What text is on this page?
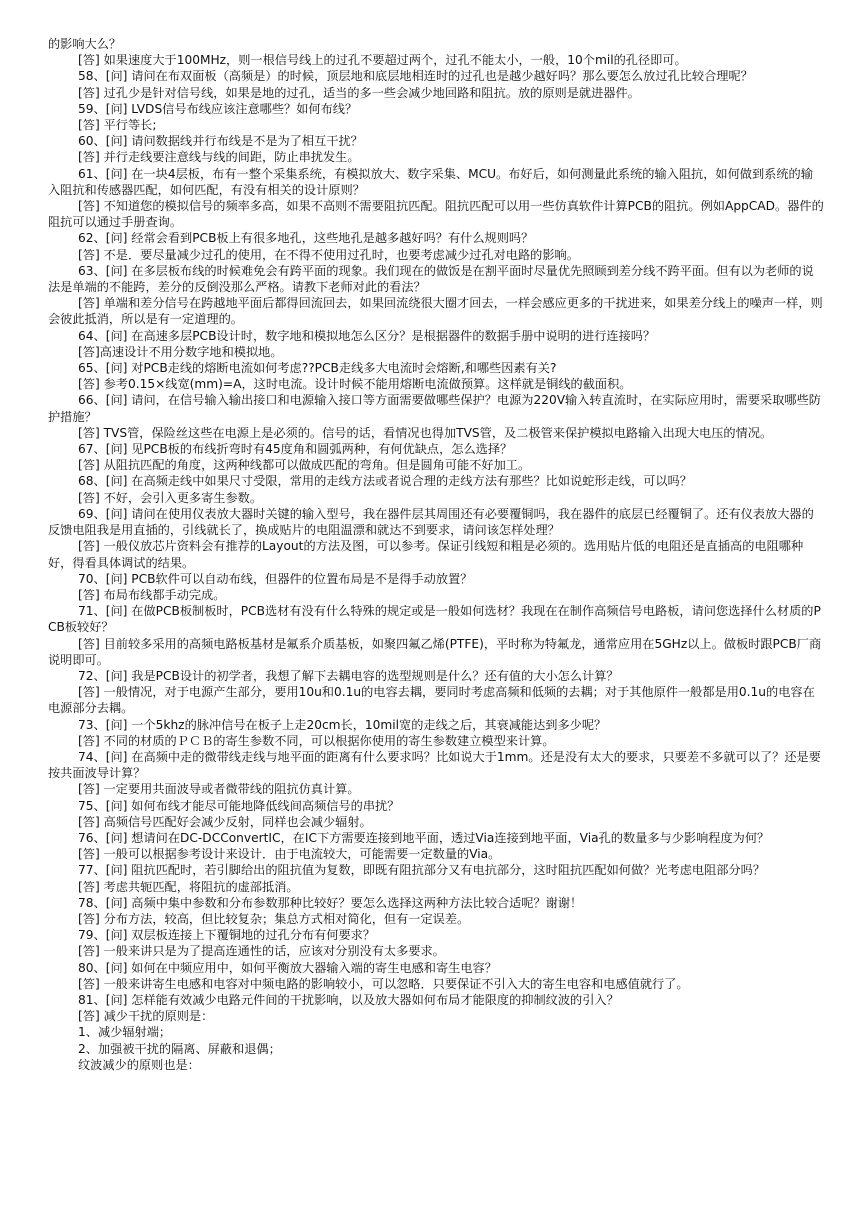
的影响大么？

[答] 如果速度大于100MHz，则一根信号线上的过孔不要超过两个，过孔不能太小，一般，10个mil的孔径即可。

58、[问] 请问在布双面板（高频是）的时候，顶层地和底层地相连时的过孔也是越少越好吗？那么要怎么放过孔比较合理呢？

[答] 过孔少是针对信号线，如果是地的过孔，适当的多一些会减少地回路和阻抗。放的原则是就进器件。

59、[问] LVDS信号布线应该注意哪些？如何布线？

[答] 平行等长;

60、[问] 请问数据线并行布线是不是为了相互干扰？

[答] 并行走线要注意线与线的间距，防止串扰发生。

61、[问] 在一块4层板，布有一整个采集系统，有模拟放大、数字采集、MCU。布好后，如何测量此系统的输入阻抗，如何做到系统的输入阻抗和传感器匹配，如何匹配，有没有相关的设计原则？

[答] 不知道您的模拟信号的频率多高，如果不高则不需要阻抗匹配。阻抗匹配可以用一些仿真软件计算PCB的阻抗。例如AppCAD。器件的阻抗可以通过手册查询。

62、[问] 经常会看到PCB板上有很多地孔，这些地孔是越多越好吗？有什么规则吗？

[答] 不是．要尽量减少过孔的使用，在不得不使用过孔时，也要考虑减少过孔对电路的影响。

63、[问] 在多层板布线的时候难免会有跨平面的现象。我们现在的做饭是在割平面时尽量优先照顾到差分线不跨平面。但有以为老师的说法是单端的不能跨，差分的反倒没那么严格。请教下老师对此的看法？

[答] 单端和差分信号在跨越地平面后都得回流回去，如果回流绕很大圈才回去，一样会感应更多的干扰进来，如果差分线上的噪声一样，则会彼此抵消，所以是有一定道理的。

64、[问] 在高速多层PCB设计时，数字地和模拟地怎么区分？是根据器件的数据手册中说明的进行连接吗？

[答]高速设计不用分数字地和模拟地。

65、[问] 对PCB走线的熔断电流如何考虑??PCB走线多大电流时会熔断,和哪些因素有关?

[答] 参考0.15×线宽(mm)=A，这时电流。设计时候不能用熔断电流做预算。这样就是铜线的截面积。

66、[问] 请问，在信号输入输出接口和电源输入接口等方面需要做哪些保护？电源为220V输入转直流时，在实际应用时，需要采取哪些防护措施？

[答] TVS管，保险丝这些在电源上是必须的。信号的话，看情况也得加TVS管，及二极管来保护模拟电路输入出现大电压的情况。

67、[问] 见PCB板的布线折弯时有45度角和圆弧两种，有何优缺点，怎么选择？

[答] 从阻抗匹配的角度，这两种线都可以做成匹配的弯角。但是圆角可能不好加工。

68、[问] 在高频走线中如果尺寸受限，常用的走线方法或者说合理的走线方法有那些？比如说蛇形走线，可以吗？

[答] 不好，会引入更多寄生参数。

69、[问] 请问在使用仪表放大器时关键的输入型号，我在器件层其周围还有必要覆铜吗，我在器件的底层已经覆铜了。还有仪表放大器的反馈电阻我是用直插的，引线就长了，换成贴片的电阻温漂和就达不到要求，请问该怎样处理？

[答] 一般仪放芯片资料会有推荐的Layout的方法及图，可以参考。保证引线短和粗是必须的。选用贴片低的电阻还是直插高的电阻哪种好，得看具体调试的结果。

70、[问] PCB软件可以自动布线，但器件的位置布局是不是得手动放置？

[答] 布局布线都手动完成。

71、[问] 在做PCB板制板时，PCB选材有没有什么特殊的规定或是一般如何选材？我现在在制作高频信号电路板，请问您选择什么材质的PCB板较好？

[答] 目前较多采用的高频电路板基材是氟系介质基板，如聚四氟乙烯(PTFE)，平时称为特氟龙，通常应用在5GHz以上。做板时跟PCB厂商说明即可。

72、[问] 我是PCB设计的初学者，我想了解下去耦电容的选型规则是什么？还有值的大小怎么计算？

[答] 一般情况，对于电源产生部分，要用10u和0.1u的电容去耦，要同时考虑高频和低频的去耦；对于其他原件一般都是用0.1u的电容在电源部分去耦。

73、[问] 一个5khz的脉冲信号在板子上走20cm长，10mil宽的走线之后，其衰减能达到多少呢？

[答] 不同的材质的ＰＣＢ的寄生参数不同，可以根据你使用的寄生参数建立模型来计算。

74、[问] 在高频中走的微带线走线与地平面的距离有什么要求吗？比如说大于1mm。还是没有太大的要求，只要差不多就可以了？还是要按共面波导计算？

[答] 一定要用共面波导或者微带线的阻抗仿真计算。

75、[问] 如何布线才能尽可能地降低线间高频信号的串扰？

[答] 高频信号匹配好会减少反射，同样也会减少辐射。

76、[问] 想请问在DC-DCConvertIC，在IC下方需要连接到地平面，透过Via连接到地平面，Via孔的数量多与少影响程度为何？

[答] 一般可以根据参考设计来设计．由于电流较大，可能需要一定数量的Via。

77、[问] 阻抗匹配时，若引脚给出的阻抗值为复数，即既有阻抗部分又有电抗部分，这时阻抗匹配如何做？光考虑电阻部分吗？

[答] 考虑共轭匹配，将阻抗的虚部抵消。

78、[问] 高频中集中参数和分布参数那种比较好？要怎么选择这两种方法比较合适呢？谢谢！

[答] 分布方法，较高，但比较复杂；集总方式相对简化，但有一定误差。

79、[问] 双层板连接上下覆铜地的过孔分布有何要求？

[答] 一般来讲只是为了提高连通性的话，应该对分别没有太多要求。

80、[问] 如何在中频应用中，如何平衡放大器输入端的寄生电感和寄生电容？

[答] 一般来讲寄生电感和电容对中频电路的影响较小，可以忽略．只要保证不引入大的寄生电容和电感值就行了。

81、[问] 怎样能有效减少电路元件间的干扰影响，以及放大器如何布局才能限度的抑制纹波的引入？

[答] 减少干扰的原则是：

1、减少辐射端；

2、加强被干扰的隔离、屏蔽和退偶；

纹波减少的原则也是：
